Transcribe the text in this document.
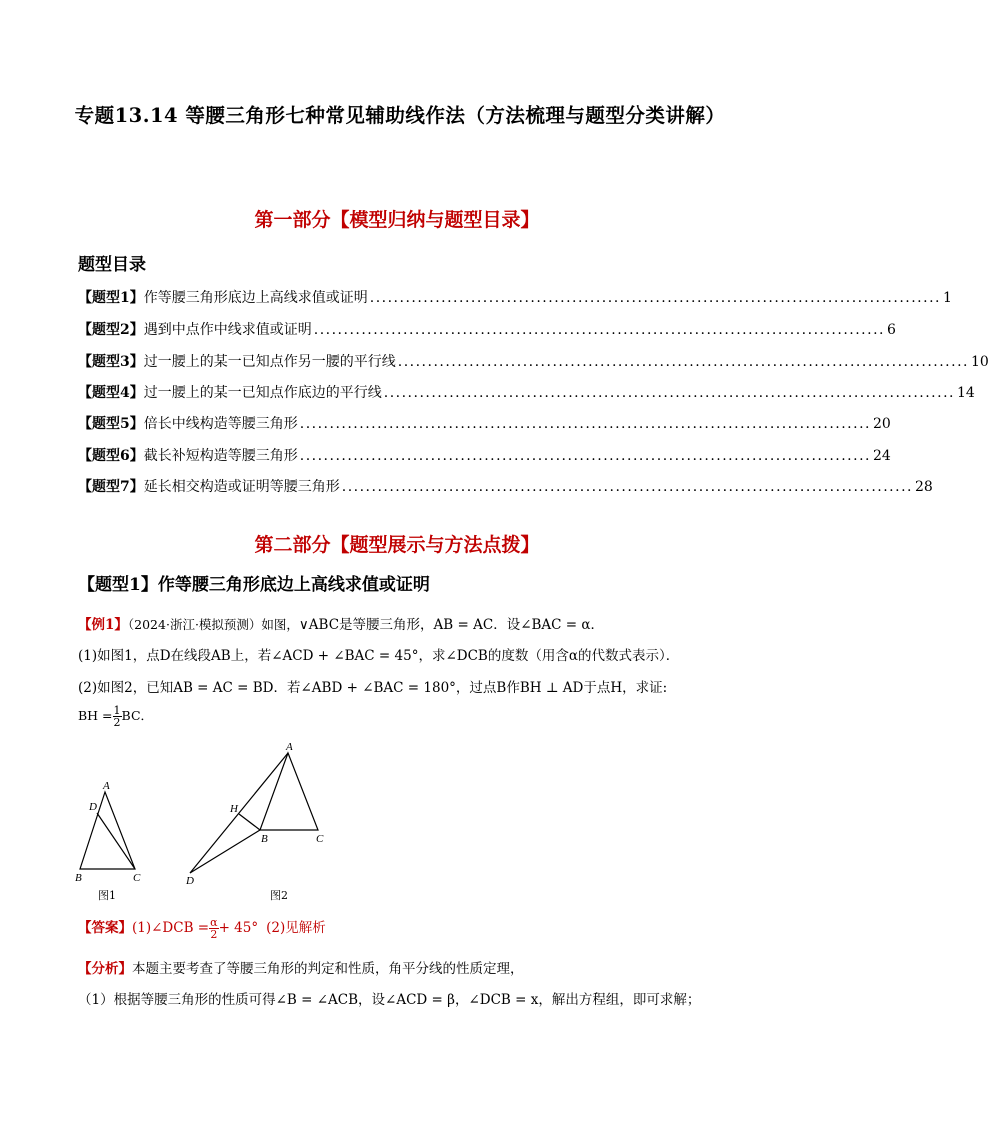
专题13.14 等腰三角形七种常见辅助线作法（方法梳理与题型分类讲解）
第一部分【模型归纳与题型目录】
题型目录
【题型1】 作等腰三角形底边上高线求值或证明 ................................................................................................ 1
【题型2】 遇到中点作中线求值或证明 ................................................................................................ 6
【题型3】 过一腰上的某一已知点作另一腰的平行线 ................................................................................................ 10
【题型4】 过一腰上的某一已知点作底边的平行线 ................................................................................................ 14
【题型5】 倍长中线构造等腰三角形 ................................................................................................ 20
【题型6】 截长补短构造等腰三角形 ................................................................................................ 24
【题型7】 延长相交构造或证明等腰三角形 ................................................................................................ 28
第二部分【题型展示与方法点拨】
【题型1】作等腰三角形底边上高线求值或证明
【例1】（2024·浙江·模拟预测）如图，∨ABC是等腰三角形，AB = AC．设∠BAC = α．
(1)如图1，点D在线段AB上，若∠ACD + ∠BAC = 45°，求∠DCB的度数（用含α的代数式表示）．
(2)如图2，已知AB = AC = BD．若∠ABD + ∠BAC = 180°，过点B作BH ⊥ AD于点H，求证:
BH = $\frac{1}{2}$ BC．
A
D
B	C
A
H
B	C
D
图1	图2
【答案】(1)∠DCB = $\frac{\alpha}{2} + 45^\circ$ (2)见解析
【分析】本题主要考查了等腰三角形的判定和性质，角平分线的性质定理，
（1）根据等腰三角形的性质可得∠B = ∠ACB，设∠ACD = β，∠DCB = x，解出方程组，即可求解；
